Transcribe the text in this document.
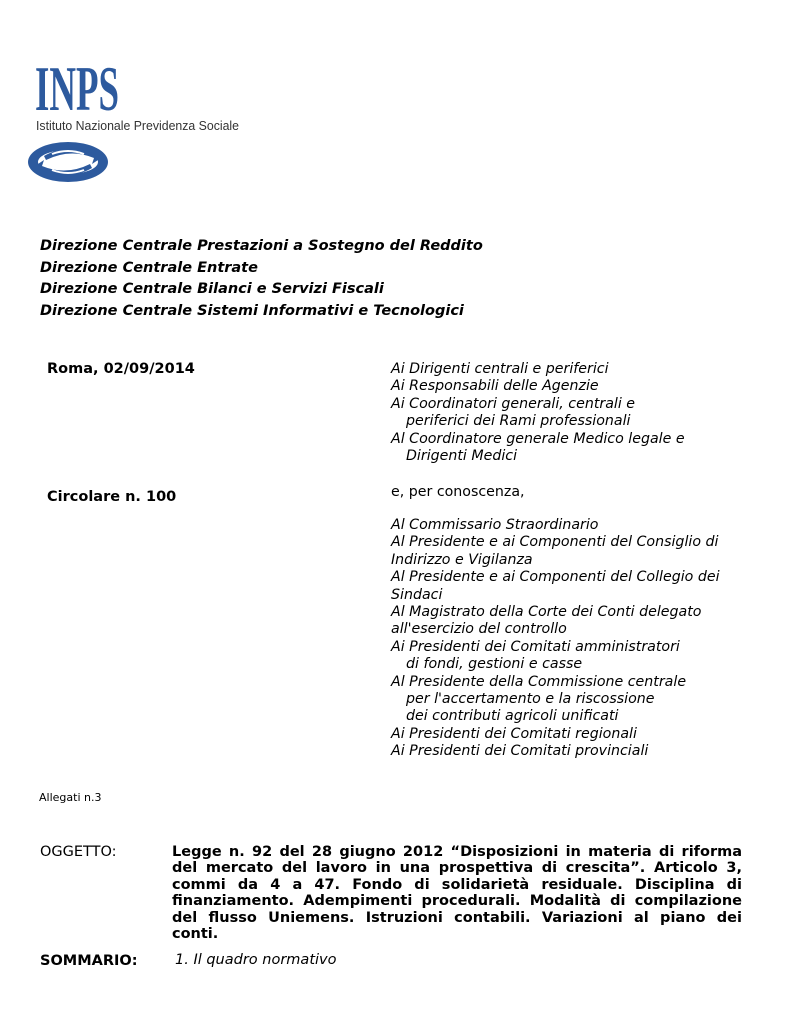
INPS
Istituto Nazionale Previdenza Sociale
Direzione Centrale Prestazioni a Sostegno del Reddito
Direzione Centrale Entrate
Direzione Centrale Bilanci e Servizi Fiscali
Direzione Centrale Sistemi Informativi e Tecnologici
Roma, 02/09/2014
Circolare n. 100
Ai Dirigenti centrali e periferici
Ai Responsabili delle Agenzie
Ai Coordinatori generali, centrali e
periferici dei Rami professionali
Al Coordinatore generale Medico legale e
Dirigenti Medici
e, per conoscenza,
Al Commissario Straordinario
Al Presidente e ai Componenti del Consiglio di
Indirizzo e Vigilanza
Al Presidente e ai Componenti del Collegio dei
Sindaci
Al Magistrato della Corte dei Conti delegato
all'esercizio del controllo
Ai Presidenti dei Comitati amministratori
di fondi, gestioni e casse
Al Presidente della Commissione centrale
per l'accertamento e la riscossione
dei contributi agricoli unificati
Ai Presidenti dei Comitati regionali
Ai Presidenti dei Comitati provinciali
Allegati n.3
OGGETTO:	Legge n. 92 del 28 giugno 2012 “Disposizioni in materia di riforma del mercato del lavoro in una prospettiva di crescita”. Articolo 3, commi da 4 a 47. Fondo di solidarietà residuale. Disciplina di finanziamento. Adempimenti procedurali. Modalità di compilazione del flusso Uniemens. Istruzioni contabili. Variazioni al piano dei conti.
SOMMARIO:	1. Il quadro normativo
